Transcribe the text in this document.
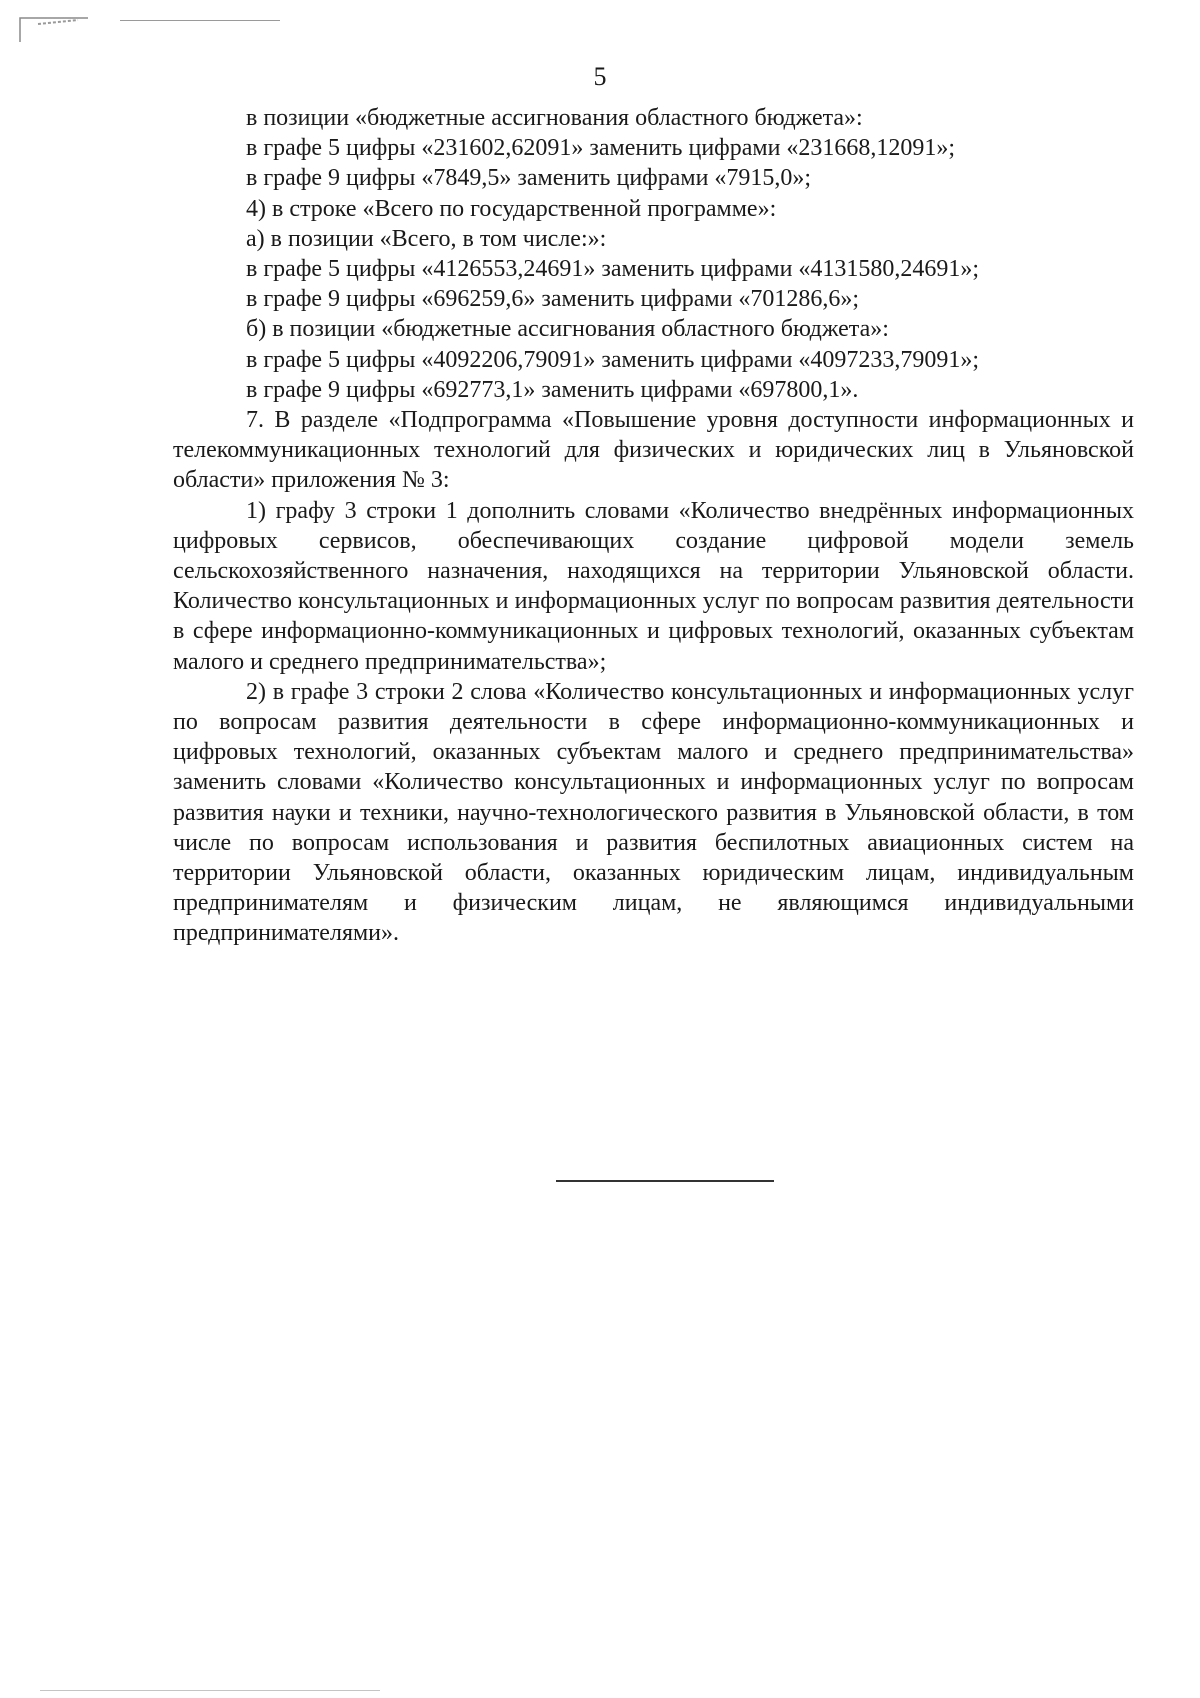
5
в позиции «бюджетные ассигнования областного бюджета»:
в графе 5 цифры «231602,62091» заменить цифрами «231668,12091»;
в графе 9 цифры «7849,5» заменить цифрами «7915,0»;
4) в строке «Всего по государственной программе»:
а) в позиции «Всего, в том числе:»:
в графе 5 цифры «4126553,24691» заменить цифрами «4131580,24691»;
в графе 9 цифры «696259,6» заменить цифрами «701286,6»;
б) в позиции «бюджетные ассигнования областного бюджета»:
в графе 5 цифры «4092206,79091» заменить цифрами «4097233,79091»;
в графе 9 цифры «692773,1» заменить цифрами «697800,1».
7. В разделе «Подпрограмма «Повышение уровня доступности информационных и телекоммуникационных технологий для физических и юридических лиц в Ульяновской области» приложения № 3:
1) графу 3 строки 1 дополнить словами «Количество внедрённых информационных цифровых сервисов, обеспечивающих создание цифровой модели земель сельскохозяйственного назначения, находящихся на территории Ульяновской области. Количество консультационных и информационных услуг по вопросам развития деятельности в сфере информационно-коммуникационных и цифровых технологий, оказанных субъектам малого и среднего предпринимательства»;
2) в графе 3 строки 2 слова «Количество консультационных и информационных услуг по вопросам развития деятельности в сфере информационно-коммуникационных и цифровых технологий, оказанных субъектам малого и среднего предпринимательства» заменить словами «Количество консультационных и информационных услуг по вопросам развития науки и техники, научно-технологического развития в Ульяновской области, в том числе по вопросам использования и развития беспилотных авиационных систем на территории Ульяновской области, оказанных юридическим лицам, индивидуальным предпринимателям и физическим лицам, не являющимся индивидуальными предпринимателями».
